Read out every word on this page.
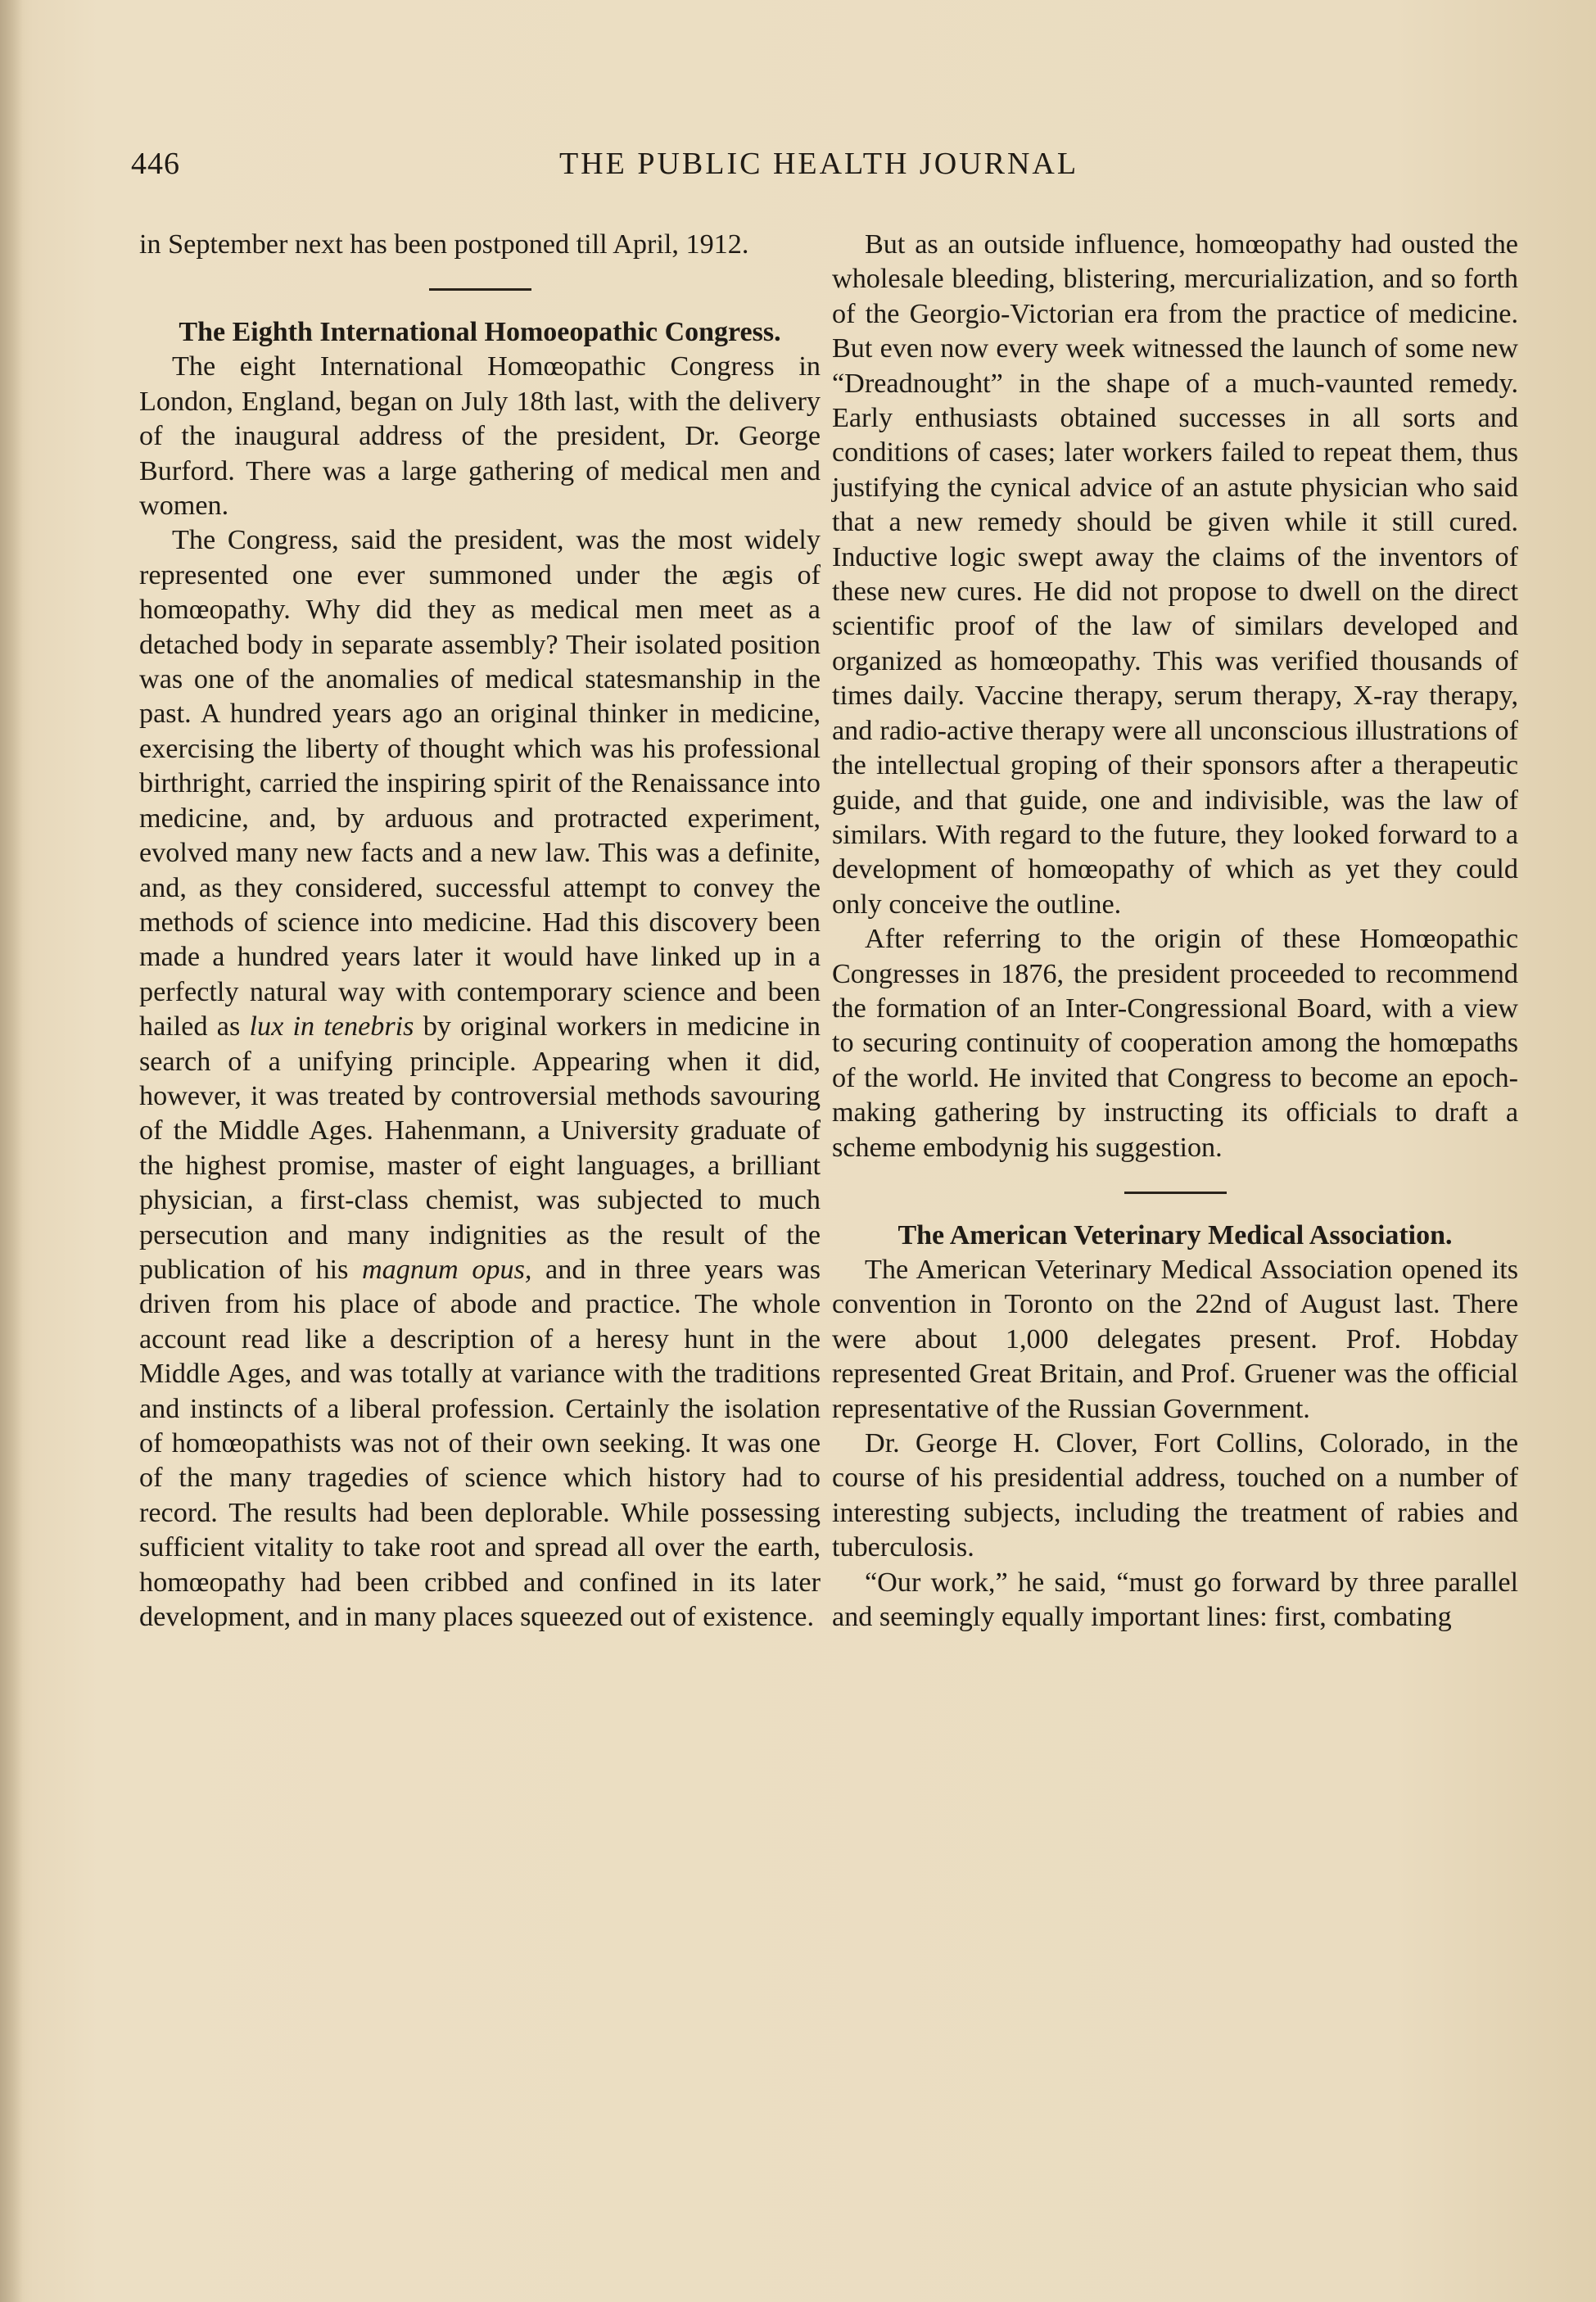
446	THE PUBLIC HEALTH JOURNAL

in September next has been postponed till April, 1912.

The Eighth International Homoeopathic Congress.

The eight International Homœopathic Congress in London, England, began on July 18th last, with the delivery of the inaugural address of the president, Dr. George Burford. There was a large gathering of medical men and women.

The Congress, said the president, was the most widely represented one ever summoned under the ægis of homœopathy. Why did they as medical men meet as a detached body in separate assembly? Their isolated position was one of the anomalies of medical statesmanship in the past. A hundred years ago an original thinker in medicine, exercising the liberty of thought which was his professional birthright, carried the inspiring spirit of the Renaissance into medicine, and, by arduous and protracted experiment, evolved many new facts and a new law. This was a definite, and, as they considered, successful attempt to convey the methods of science into medicine. Had this discovery been made a hundred years later it would have linked up in a perfectly natural way with contemporary science and been hailed as lux in tenebris by original workers in medicine in search of a unifying principle. Appearing when it did, however, it was treated by controversial methods savouring of the Middle Ages. Hahenmann, a University graduate of the highest promise, master of eight languages, a brilliant physician, a first-class chemist, was subjected to much persecution and many indignities as the result of the publication of his magnum opus, and in three years was driven from his place of abode and practice. The whole account read like a description of a heresy hunt in the Middle Ages, and was totally at variance with the traditions and instincts of a liberal profession. Certainly the isolation of homœopathists was not of their own seeking. It was one of the many tragedies of science which history had to record. The results had been deplorable. While possessing sufficient vitality to take root and spread all over the earth, homœopathy had been cribbed and confined in its later development, and in many places squeezed out of existence.

But as an outside influence, homœopathy had ousted the wholesale bleeding, blistering, mercurialization, and so forth of the Georgio-Victorian era from the practice of medicine. But even now every week witnessed the launch of some new “Dreadnought” in the shape of a much-vaunted remedy. Early enthusiasts obtained successes in all sorts and conditions of cases; later workers failed to repeat them, thus justifying the cynical advice of an astute physician who said that a new remedy should be given while it still cured. Inductive logic swept away the claims of the inventors of these new cures. He did not propose to dwell on the direct scientific proof of the law of similars developed and organized as homœopathy. This was verified thousands of times daily. Vaccine therapy, serum therapy, X-ray therapy, and radio-active therapy were all unconscious illustrations of the intellectual groping of their sponsors after a therapeutic guide, and that guide, one and indivisible, was the law of similars. With regard to the future, they looked forward to a development of homœopathy of which as yet they could only conceive the outline.

After referring to the origin of these Homœopathic Congresses in 1876, the president proceeded to recommend the formation of an Inter-Congressional Board, with a view to securing continuity of cooperation among the homœpaths of the world. He invited that Congress to become an epoch-making gathering by instructing its officials to draft a scheme embodynig his suggestion.

The American Veterinary Medical Association.

The American Veterinary Medical Association opened its convention in Toronto on the 22nd of August last. There were about 1,000 delegates present. Prof. Hobday represented Great Britain, and Prof. Gruener was the official representative of the Russian Government.

Dr. George H. Clover, Fort Collins, Colorado, in the course of his presidential address, touched on a number of interesting subjects, including the treatment of rabies and tuberculosis.

“Our work,” he said, “must go forward by three parallel and seemingly equally important lines: first, combating
